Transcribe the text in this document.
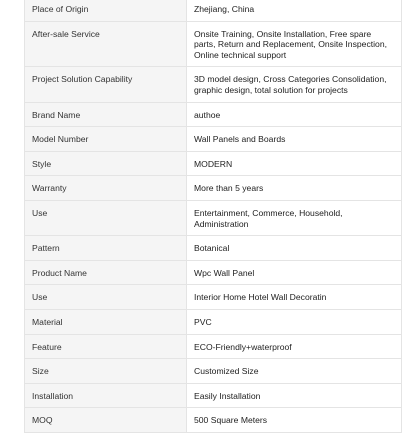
Place of Origin	Zhejiang, China
After-sale Service	Onsite Training, Onsite Installation, Free spare parts, Return and Replacement, Onsite Inspection, Online technical support
Project Solution Capability	3D model design, Cross Categories Consolidation, graphic design, total solution for projects
Brand Name	authoe
Model Number	Wall Panels and Boards
Style	MODERN
Warranty	More than 5 years
Use	Entertainment, Commerce, Household, Administration
Pattern	Botanical
Product Name	Wpc Wall Panel
Use	Interior Home Hotel Wall Decoratin
Material	PVC
Feature	ECO-Friendly+waterproof
Size	Customized Size
Installation	Easily Installation
MOQ	500 Square Meters
